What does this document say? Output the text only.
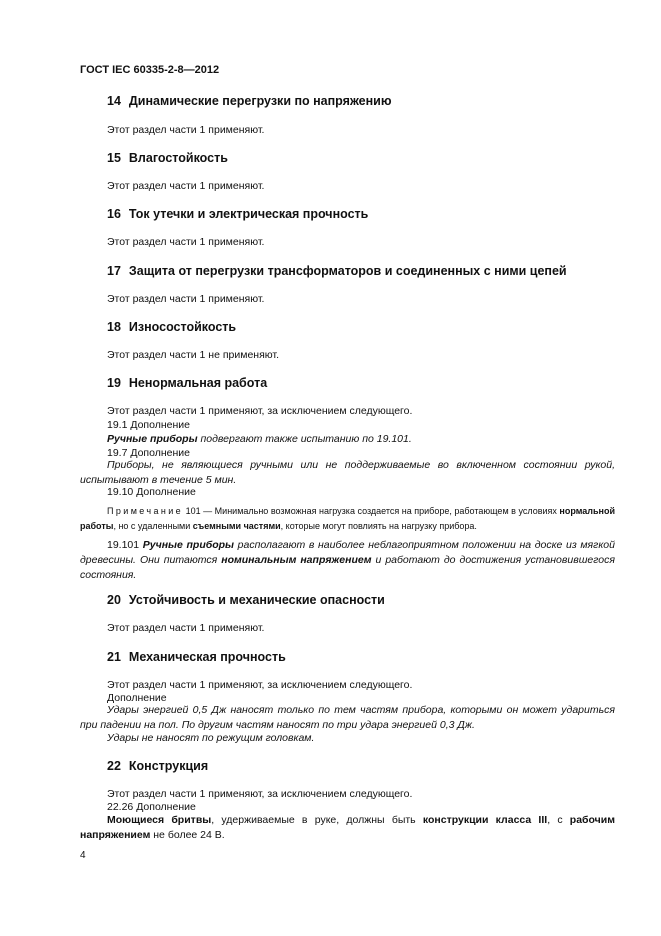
ГОСТ IEC 60335-2-8—2012
14 Динамические перегрузки по напряжению
Этот раздел части 1 применяют.
15 Влагостойкость
Этот раздел части 1 применяют.
16 Ток утечки и электрическая прочность
Этот раздел части 1 применяют.
17 Защита от перегрузки трансформаторов и соединенных с ними цепей
Этот раздел части 1 применяют.
18 Износостойкость
Этот раздел части 1 не применяют.
19 Ненормальная работа
Этот раздел части 1 применяют, за исключением следующего.
19.1 Дополнение
Ручные приборы подвергают также испытанию по 19.101.
19.7 Дополнение
Приборы, не являющиеся ручными или не поддерживаемые во включенном состоянии рукой, испытывают в течение 5 мин.
19.10 Дополнение
Примечание 101 — Минимально возможная нагрузка создается на приборе, работающем в условиях нормальной работы, но с удаленными съемными частями, которые могут повлиять на нагрузку прибора.
19.101 Ручные приборы располагают в наиболее неблагоприятном положении на доске из мягкой древесины. Они питаются номинальным напряжением и работают до достижения установившегося состояния.
20 Устойчивость и механические опасности
Этот раздел части 1 применяют.
21 Механическая прочность
Этот раздел части 1 применяют, за исключением следующего.
Дополнение
Удары энергией 0,5 Дж наносят только по тем частям прибора, которыми он может удариться при падении на пол. По другим частям наносят по три удара энергией 0,3 Дж.
Удары не наносят по режущим головкам.
22 Конструкция
Этот раздел части 1 применяют, за исключением следующего.
22.26 Дополнение
Моющиеся бритвы, удерживаемые в руке, должны быть конструкции класса III, с рабочим напряжением не более 24 В.
4
